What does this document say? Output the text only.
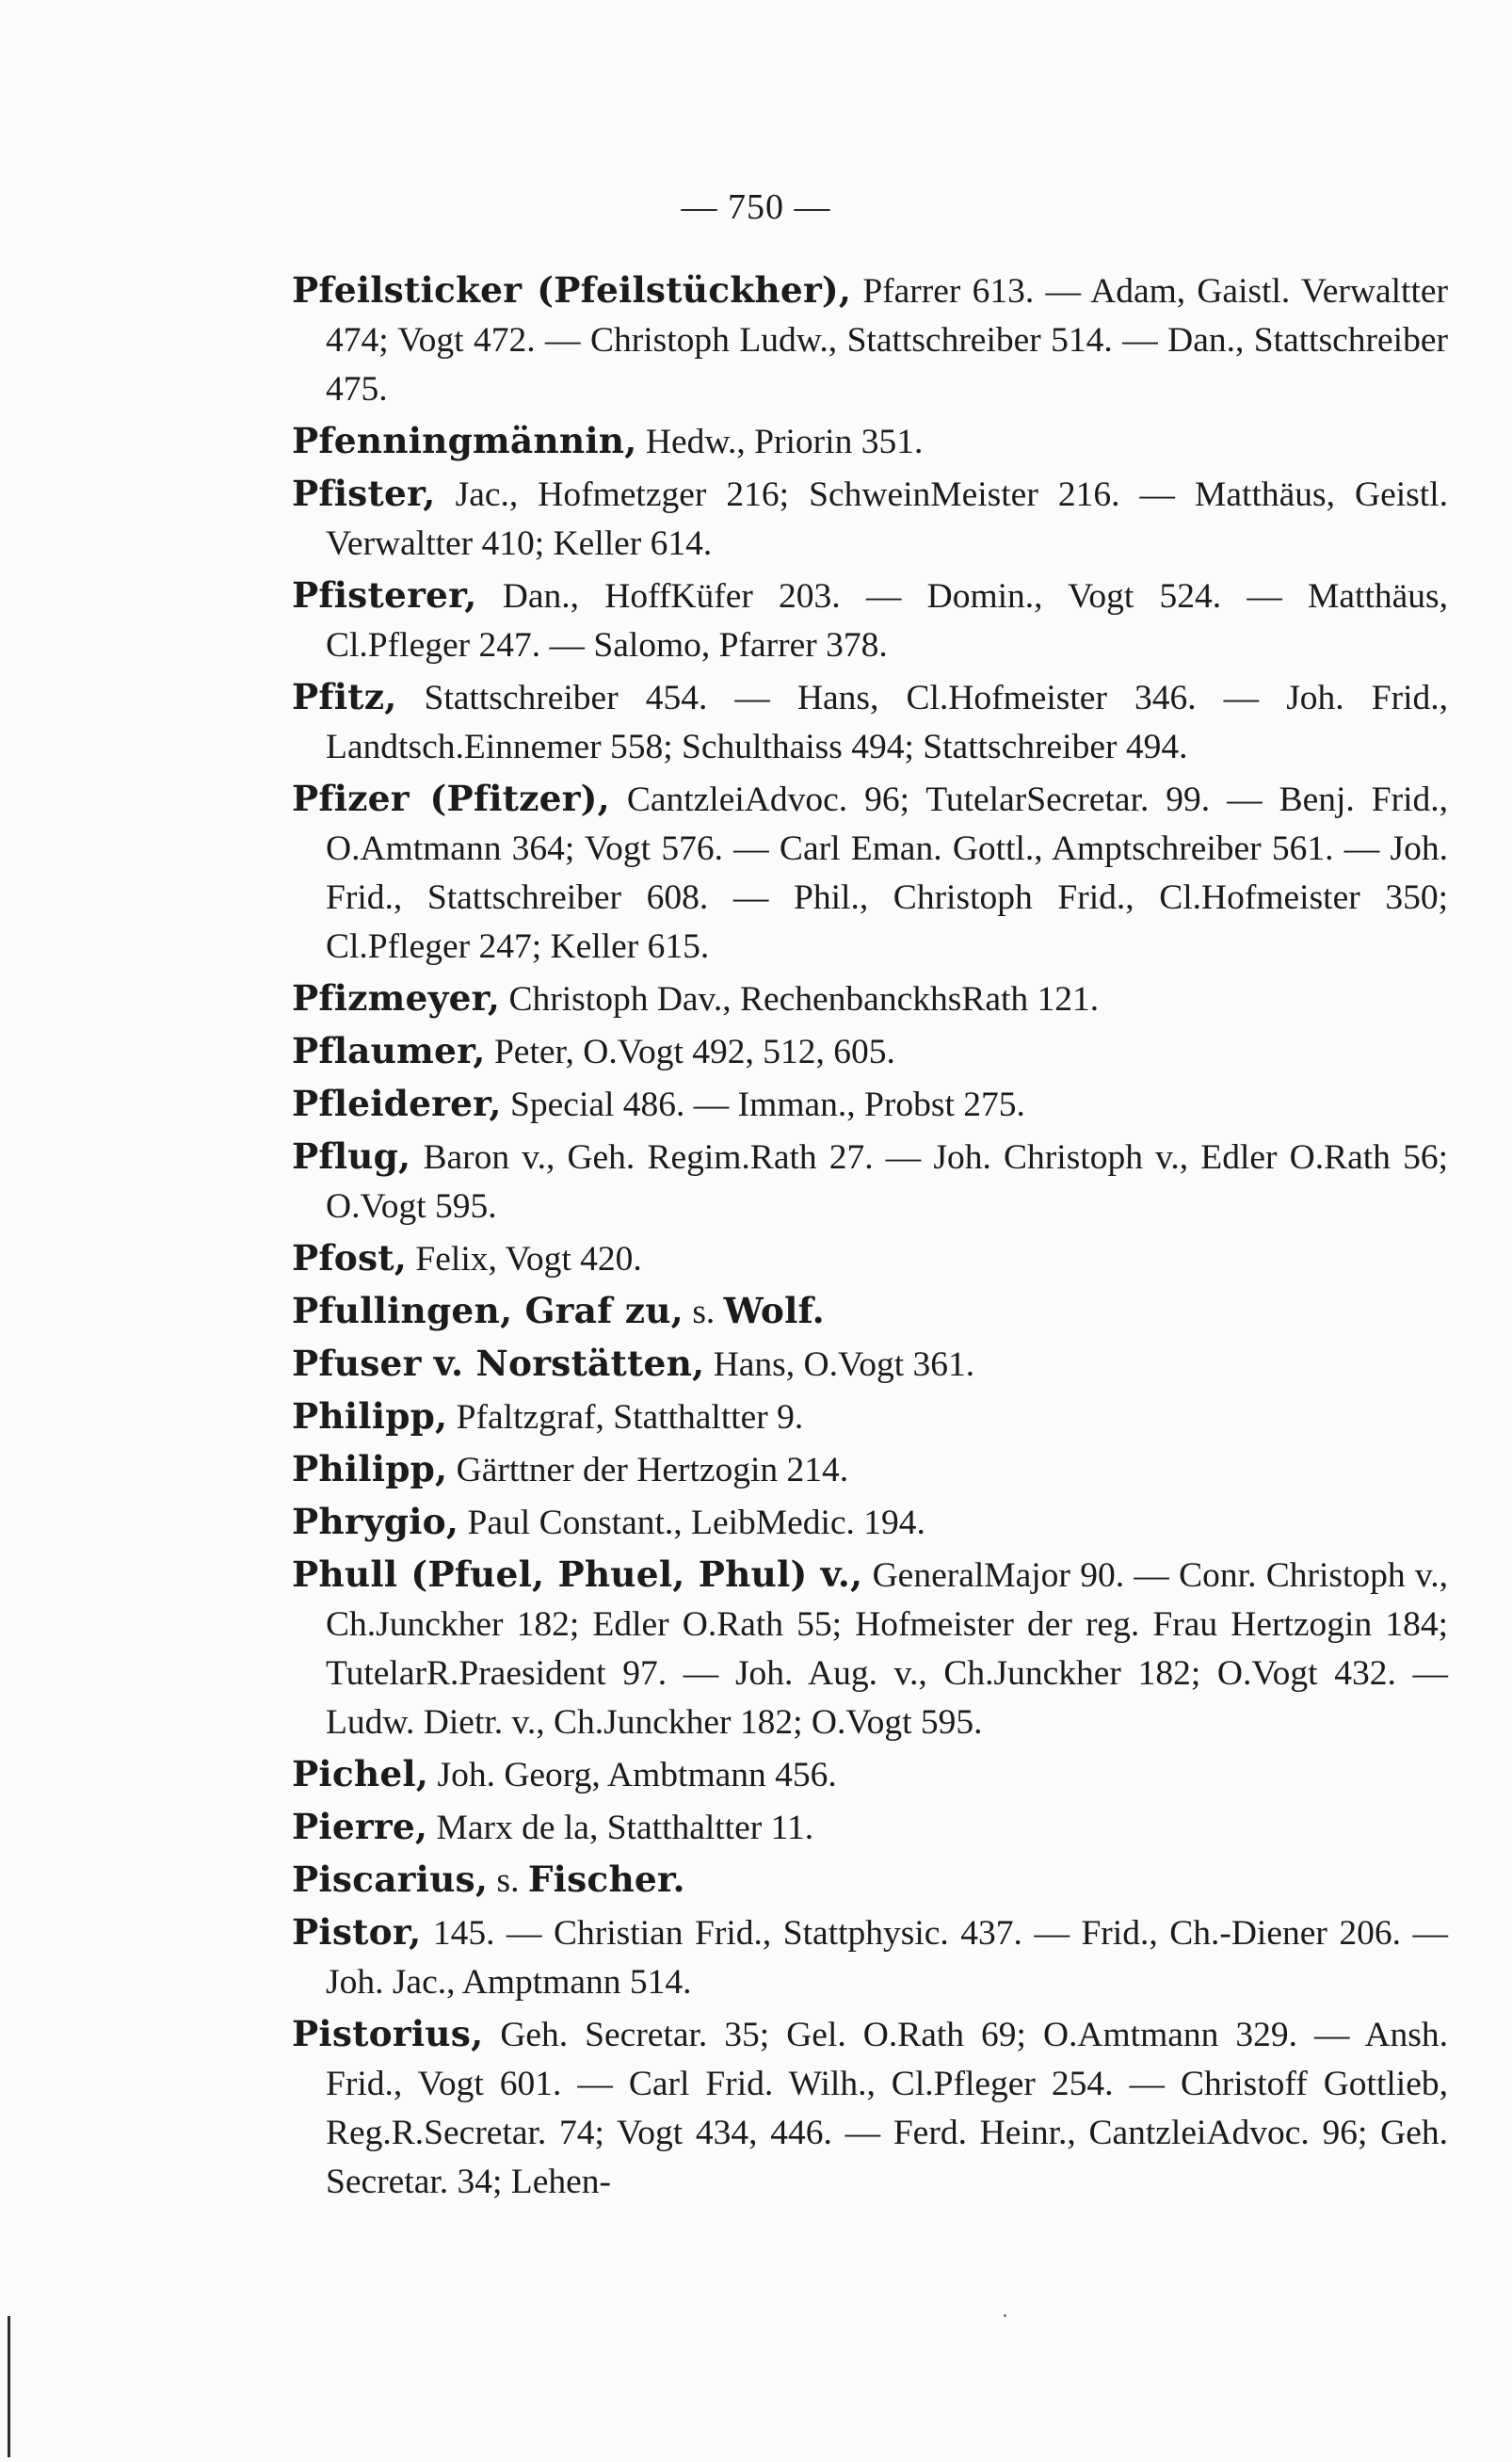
— 750 —

Pfeilsticker (Pfeilstückher), Pfarrer 613. — Adam, Gaistl. Verwaltter 474; Vogt 472. — Christoph Ludw., Stattschreiber 514. — Dan., Stattschreiber 475.

Pfenningmännin, Hedw., Priorin 351.

Pfister, Jac., Hofmetzger 216; SchweinMeister 216. — Matthäus, Geistl. Verwaltter 410; Keller 614.

Pfisterer, Dan., HoffKüfer 203. — Domin., Vogt 524. — Matthäus, Cl.Pfleger 247. — Salomo, Pfarrer 378.

Pfitz, Stattschreiber 454. — Hans, Cl.Hofmeister 346. — Joh. Frid., Landtsch.Einnemer 558; Schulthaiss 494; Stattschreiber 494.

Pfizer (Pfitzer), CantzleiAdvoc. 96; TutelarSecretar. 99. — Benj. Frid., O.Amtmann 364; Vogt 576. — Carl Eman. Gottl., Amptschreiber 561. — Joh. Frid., Stattschreiber 608. — Phil., Christoph Frid., Cl.Hofmeister 350; Cl.Pfleger 247; Keller 615.

Pfizmeyer, Christoph Dav., RechenbanckhsRath 121.

Pflaumer, Peter, O.Vogt 492, 512, 605.

Pfleiderer, Special 486. — Imman., Probst 275.

Pflug, Baron v., Geh. Regim.Rath 27. — Joh. Christoph v., Edler O.Rath 56; O.Vogt 595.

Pfost, Felix, Vogt 420.

Pfullingen, Graf zu, s. Wolf.

Pfuser v. Norstätten, Hans, O.Vogt 361.

Philipp, Pfaltzgraf, Statthaltter 9.

Philipp, Gärttner der Hertzogin 214.

Phrygio, Paul Constant., LeibMedic. 194.

Phull (Pfuel, Phuel, Phul) v., GeneralMajor 90. — Conr. Christoph v., Ch.Junckher 182; Edler O.Rath 55; Hofmeister der reg. Frau Hertzogin 184; TutelarR.Praesident 97. — Joh. Aug. v., Ch.Junckher 182; O.Vogt 432. — Ludw. Dietr. v., Ch.Junckher 182; O.Vogt 595.

Pichel, Joh. Georg, Ambtmann 456.

Pierre, Marx de la, Statthaltter 11.

Piscarius, s. Fischer.

Pistor, 145. — Christian Frid., Stattphysic. 437. — Frid., Ch.-Diener 206. — Joh. Jac., Amptmann 514.

Pistorius, Geh. Secretar. 35; Gel. O.Rath 69; O.Amtmann 329. — Ansh. Frid., Vogt 601. — Carl Frid. Wilh., Cl.Pfleger 254. — Christoff Gottlieb, Reg.R.Secretar. 74; Vogt 434, 446. — Ferd. Heinr., CantzleiAdvoc. 96; Geh. Secretar. 34; Lehen-
